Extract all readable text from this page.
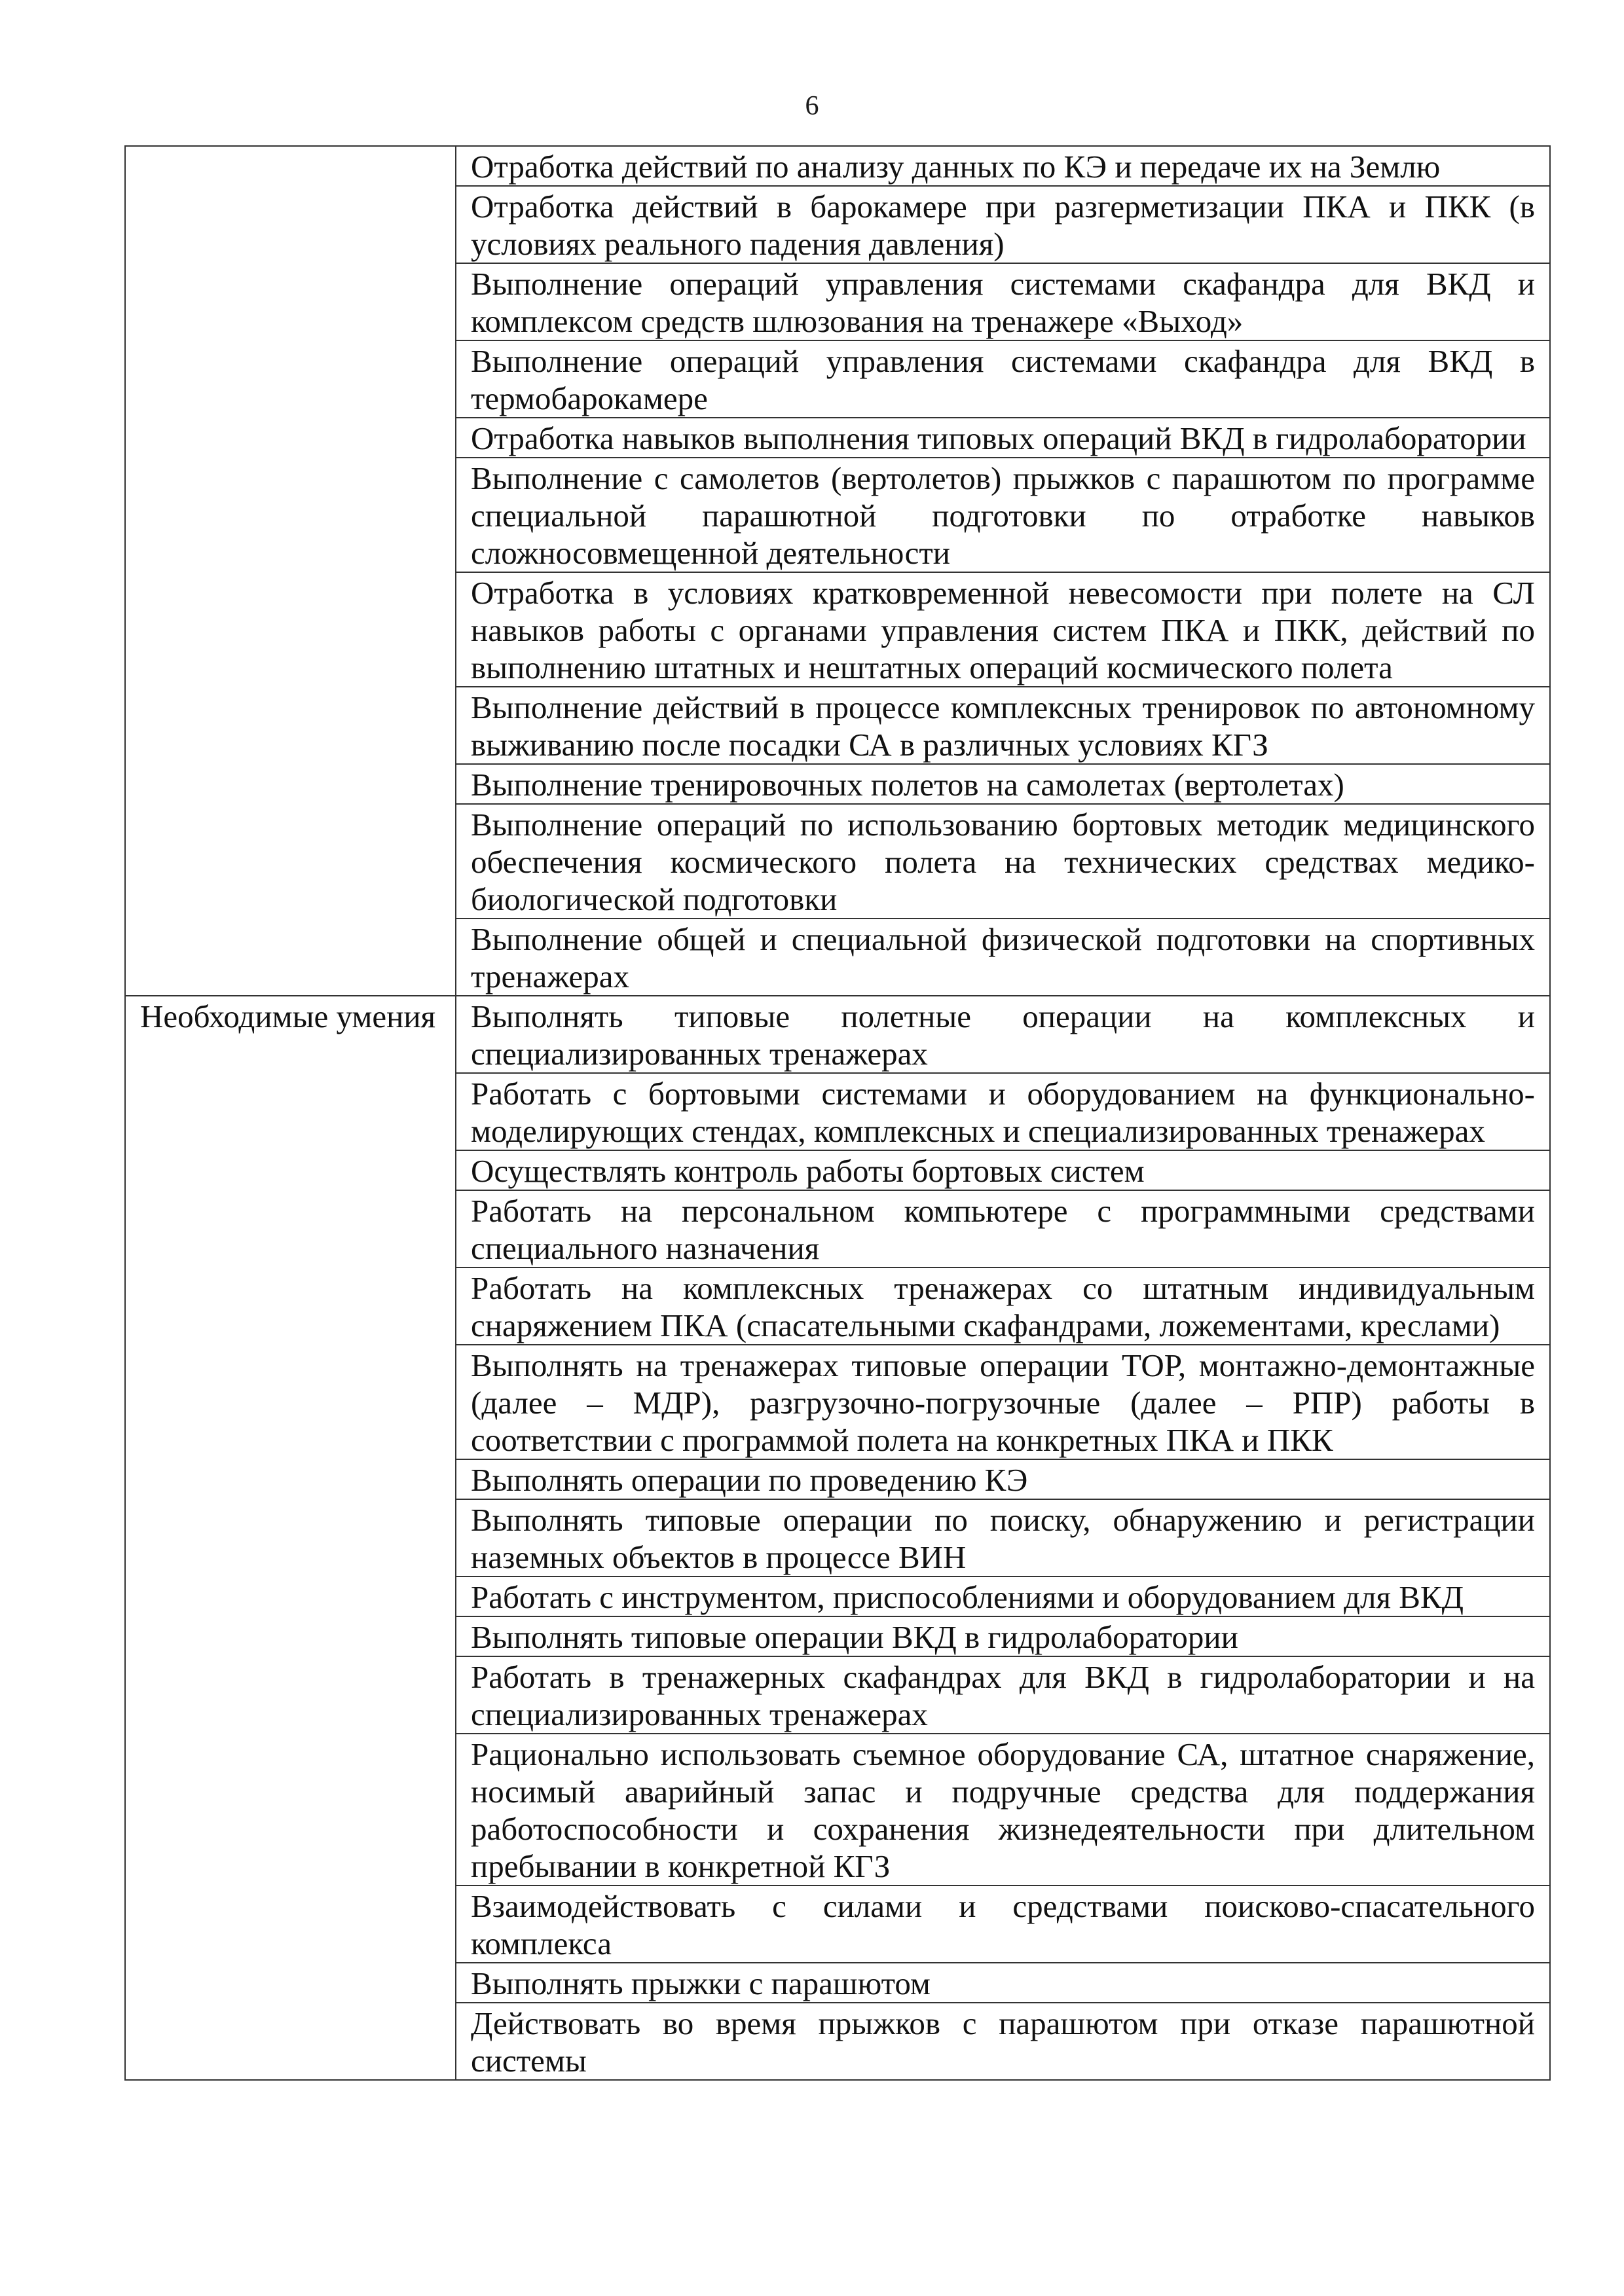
6
	Отработка действий по анализу данных по КЭ и передаче их на Землю
	Отработка действий в барокамере при разгерметизации ПКА и ПКК (в условиях реального падения давления)
	Выполнение операций управления системами скафандра для ВКД и комплексом средств шлюзования на тренажере «Выход»
	Выполнение операций управления системами скафандра для ВКД в термобарокамере
	Отработка навыков выполнения типовых операций ВКД в гидролаборатории
	Выполнение с самолетов (вертолетов) прыжков с парашютом по программе специальной парашютной подготовки по отработке навыков сложносовмещенной деятельности
	Отработка в условиях кратковременной невесомости при полете на СЛ навыков работы с органами управления систем ПКА и ПКК, действий по выполнению штатных и нештатных операций космического полета
	Выполнение действий в процессе комплексных тренировок по автономному выживанию после посадки СА в различных условиях КГЗ
	Выполнение тренировочных полетов на самолетах (вертолетах)
	Выполнение операций по использованию бортовых методик медицинского обеспечения космического полета на технических средствах медико-биологической подготовки
	Выполнение общей и специальной физической подготовки на спортивных тренажерах
Необходимые умения	Выполнять типовые полетные операции на комплексных и специализированных тренажерах
	Работать с бортовыми системами и оборудованием на функционально-моделирующих стендах, комплексных и специализированных тренажерах
	Осуществлять контроль работы бортовых систем
	Работать на персональном компьютере с программными средствами специального назначения
	Работать на комплексных тренажерах со штатным индивидуальным снаряжением ПКА (спасательными скафандрами, ложементами, креслами)
	Выполнять на тренажерах типовые операции ТОР, монтажно-демонтажные (далее – МДР), разгрузочно-погрузочные (далее – РПР) работы в соответствии с программой полета на конкретных ПКА и ПКК
	Выполнять операции по проведению КЭ
	Выполнять типовые операции по поиску, обнаружению и регистрации наземных объектов в процессе ВИН
	Работать с инструментом, приспособлениями и оборудованием для ВКД
	Выполнять типовые операции ВКД в гидролаборатории
	Работать в тренажерных скафандрах для ВКД в гидролаборатории и на специализированных тренажерах
	Рационально использовать съемное оборудование СА, штатное снаряжение, носимый аварийный запас и подручные средства для поддержания работоспособности и сохранения жизнедеятельности при длительном пребывании в конкретной КГЗ
	Взаимодействовать с силами и средствами поисково-спасательного комплекса
	Выполнять прыжки с парашютом
	Действовать во время прыжков с парашютом при отказе парашютной системы
